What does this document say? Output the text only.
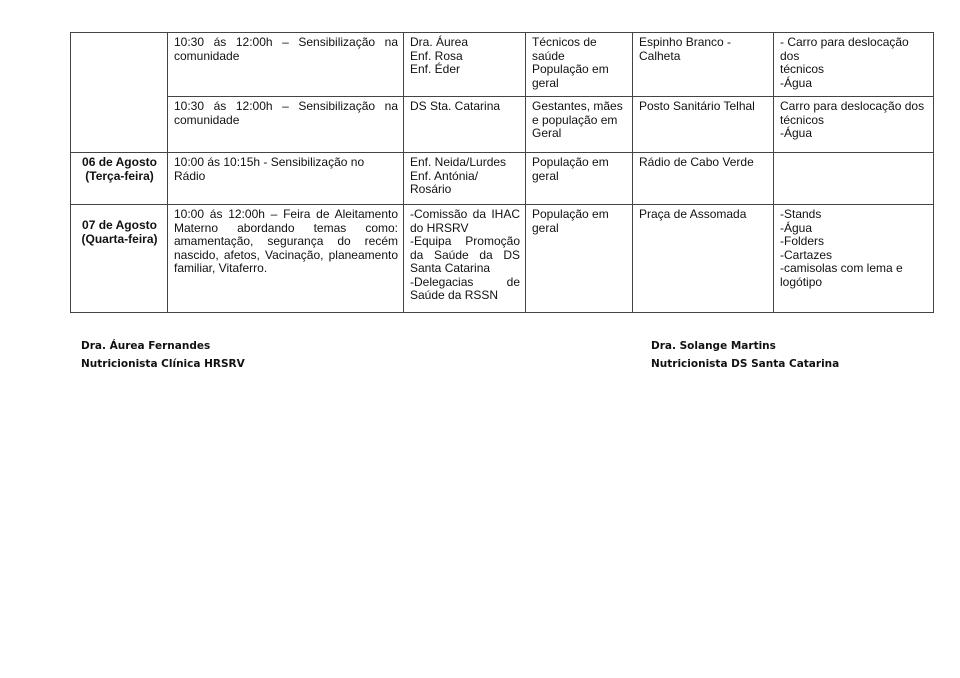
	10:30 ás 12:00h – Sensibilização na comunidade	Dra. Áurea
Enf. Rosa
Enf. Éder	Técnicos de
saúde
População em
geral	Espinho Branco -
Calheta	- Carro para deslocação dos
técnicos
-Água

	10:30 ás 12:00h – Sensibilização na comunidade	DS Sta. Catarina	Gestantes, mães
e população em
Geral	Posto Sanitário Telhal	Carro para deslocação dos
técnicos
-Água

06 de Agosto
(Terça-feira)	10:00 ás 10:15h - Sensibilização no Rádio	Enf. Neida/Lurdes
Enf. Antónia/ Rosário	População em
geral	Rádio de Cabo Verde	

07 de Agosto
(Quarta-feira)	10:00 ás 12:00h – Feira de Aleitamento Materno abordando temas como: amamentação, segurança do recém nascido, afetos, Vacinação, planeamento familiar, Vitaferro.	-Comissão da IHAC do HRSRV
-Equipa Promoção da Saúde da DS Santa Catarina
-Delegacias de Saúde da RSSN	População em
geral	Praça de Assomada	-Stands
-Água
-Folders
-Cartazes
-camisolas com lema e logótipo
Dra. Áurea Fernandes
Nutricionista Clínica HRSRV
Dra. Solange Martins
Nutricionista DS Santa Catarina
